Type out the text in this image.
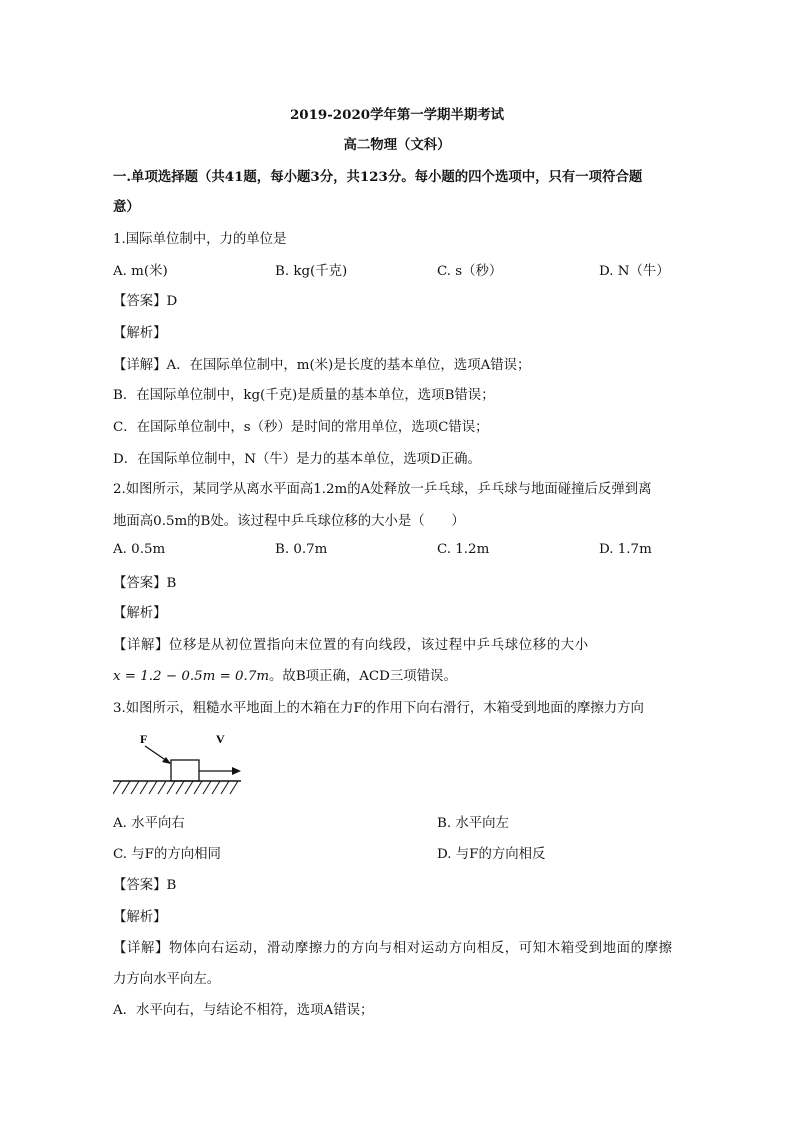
2019-2020学年第一学期半期考试
高二物理（文科）
一.单项选择题（共41题，每小题3分，共123分。每小题的四个选项中，只有一项符合题
意）
1.国际单位制中，力的单位是
A. m(米)	B. kg(千克)	C. s（秒）	D. N（牛）
【答案】D
【解析】
【详解】A．在国际单位制中，m(米)是长度的基本单位，选项A错误；
B．在国际单位制中，kg(千克)是质量的基本单位，选项B错误；
C．在国际单位制中，s（秒）是时间的常用单位，选项C错误；
D．在国际单位制中，N（牛）是力的基本单位，选项D正确。
2.如图所示，某同学从离水平面高1.2m的A处释放一乒乓球，乒乓球与地面碰撞后反弹到离
地面高0.5m的B处。该过程中乒乓球位移的大小是（　　）
A. 0.5m	B. 0.7m	C. 1.2m	D. 1.7m
【答案】B
【解析】
【详解】位移是从初位置指向末位置的有向线段，该过程中乒乓球位移的大小
x = 1.2 − 0.5m = 0.7m。故B项正确，ACD三项错误。
3.如图所示，粗糙水平地面上的木箱在力F的作用下向右滑行，木箱受到地面的摩擦力方向
F	V
A. 水平向右	B. 水平向左
C. 与F的方向相同	D. 与F的方向相反
【答案】B
【解析】
【详解】物体向右运动，滑动摩擦力的方向与相对运动方向相反，可知木箱受到地面的摩擦
力方向水平向左。
A．水平向右，与结论不相符，选项A错误；
